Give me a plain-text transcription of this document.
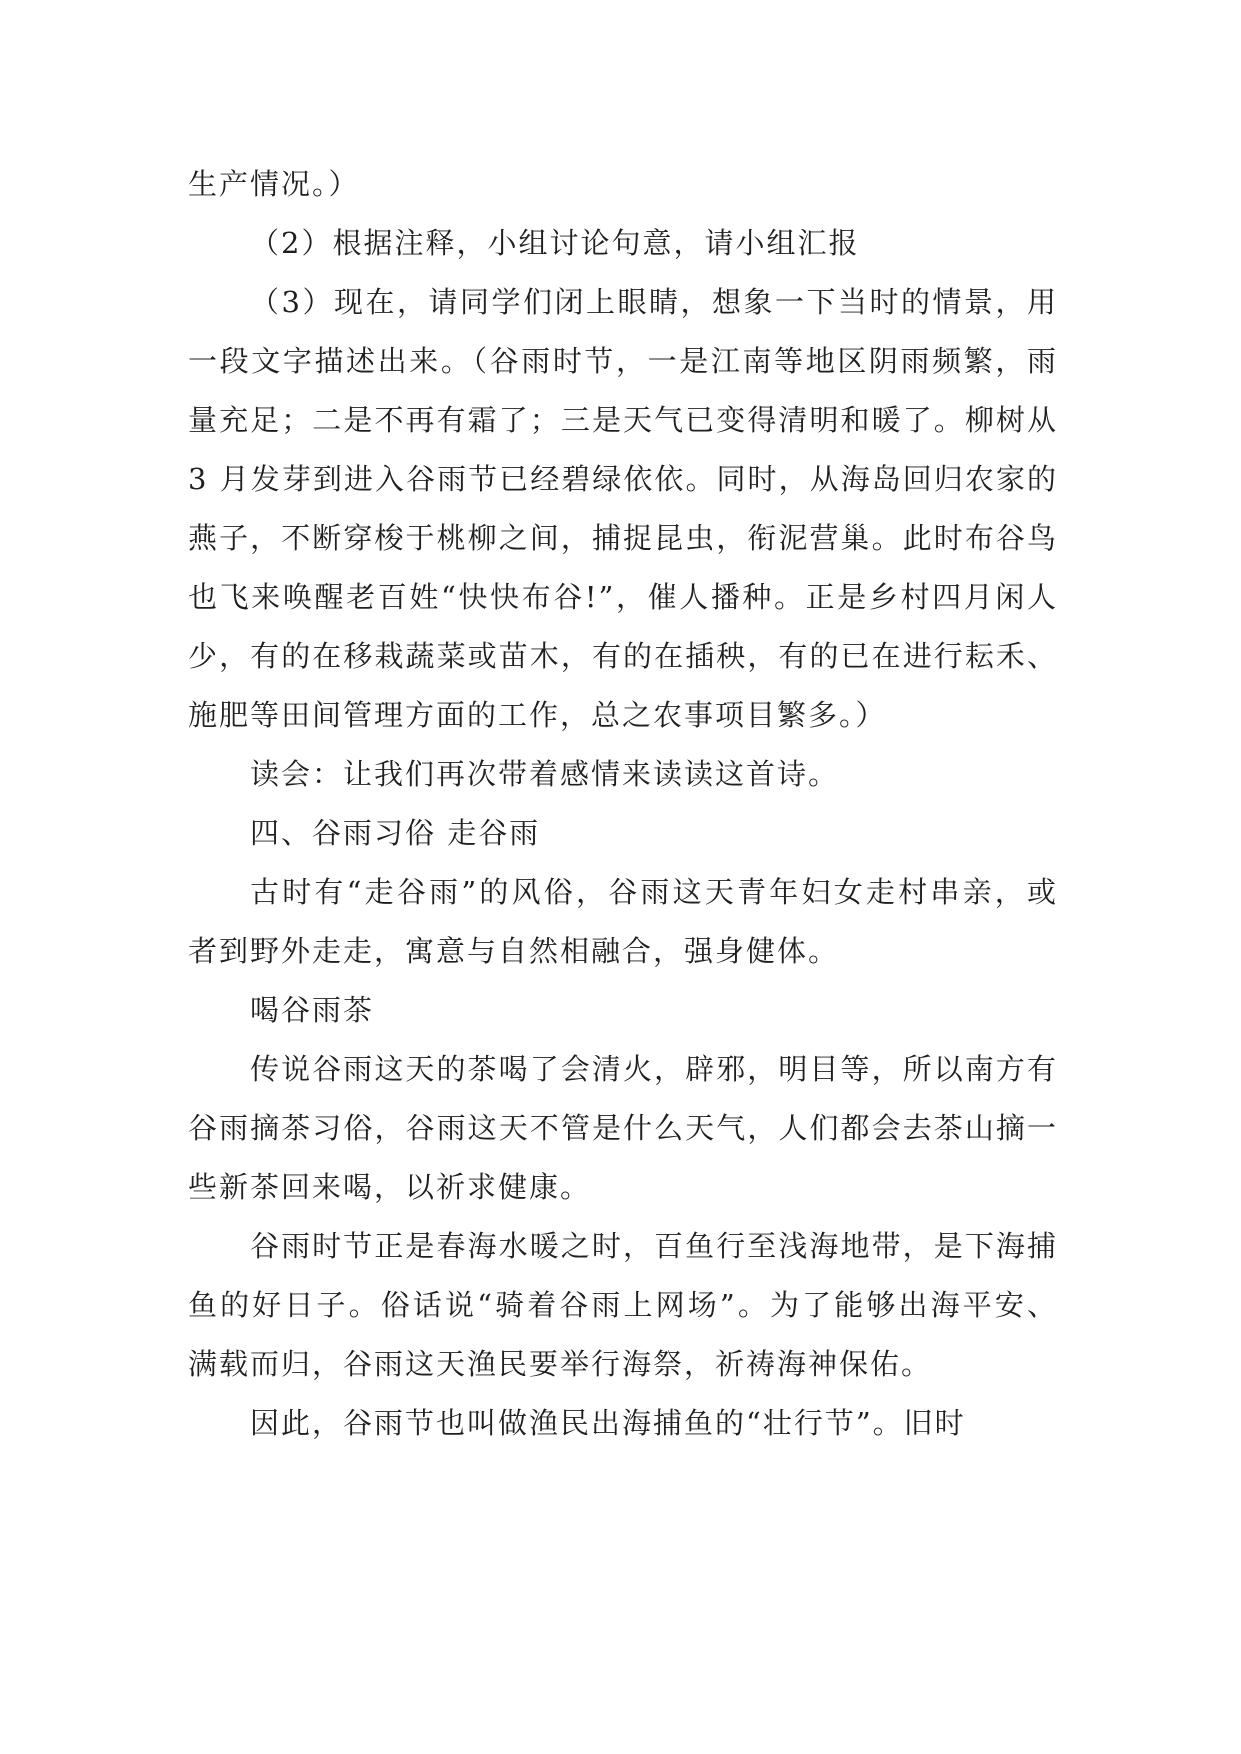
生产情况。）

（2）根据注释，小组讨论句意，请小组汇报

（3）现在，请同学们闭上眼睛，想象一下当时的情景，用一段文字描述出来。（谷雨时节，一是江南等地区阴雨频繁，雨量充足；二是不再有霜了；三是天气已变得清明和暖了。柳树从 3 月发芽到进入谷雨节已经碧绿依依。同时，从海岛回归农家的燕子，不断穿梭于桃柳之间，捕捉昆虫，衔泥营巢。此时布谷鸟也飞来唤醒老百姓“快快布谷!”，催人播种。正是乡村四月闲人少，有的在移栽蔬菜或苗木，有的在插秧，有的已在进行耘禾、施肥等田间管理方面的工作，总之农事项目繁多。）

读会：让我们再次带着感情来读读这首诗。

四、谷雨习俗 走谷雨

古时有“走谷雨”的风俗，谷雨这天青年妇女走村串亲，或者到野外走走，寓意与自然相融合，强身健体。

喝谷雨茶

传说谷雨这天的茶喝了会清火，辟邪，明目等，所以南方有谷雨摘茶习俗，谷雨这天不管是什么天气，人们都会去茶山摘一些新茶回来喝，以祈求健康。

谷雨时节正是春海水暖之时，百鱼行至浅海地带，是下海捕鱼的好日子。俗话说“骑着谷雨上网场”。为了能够出海平安、满载而归，谷雨这天渔民要举行海祭，祈祷海神保佑。

因此，谷雨节也叫做渔民出海捕鱼的“壮行节”。旧时
